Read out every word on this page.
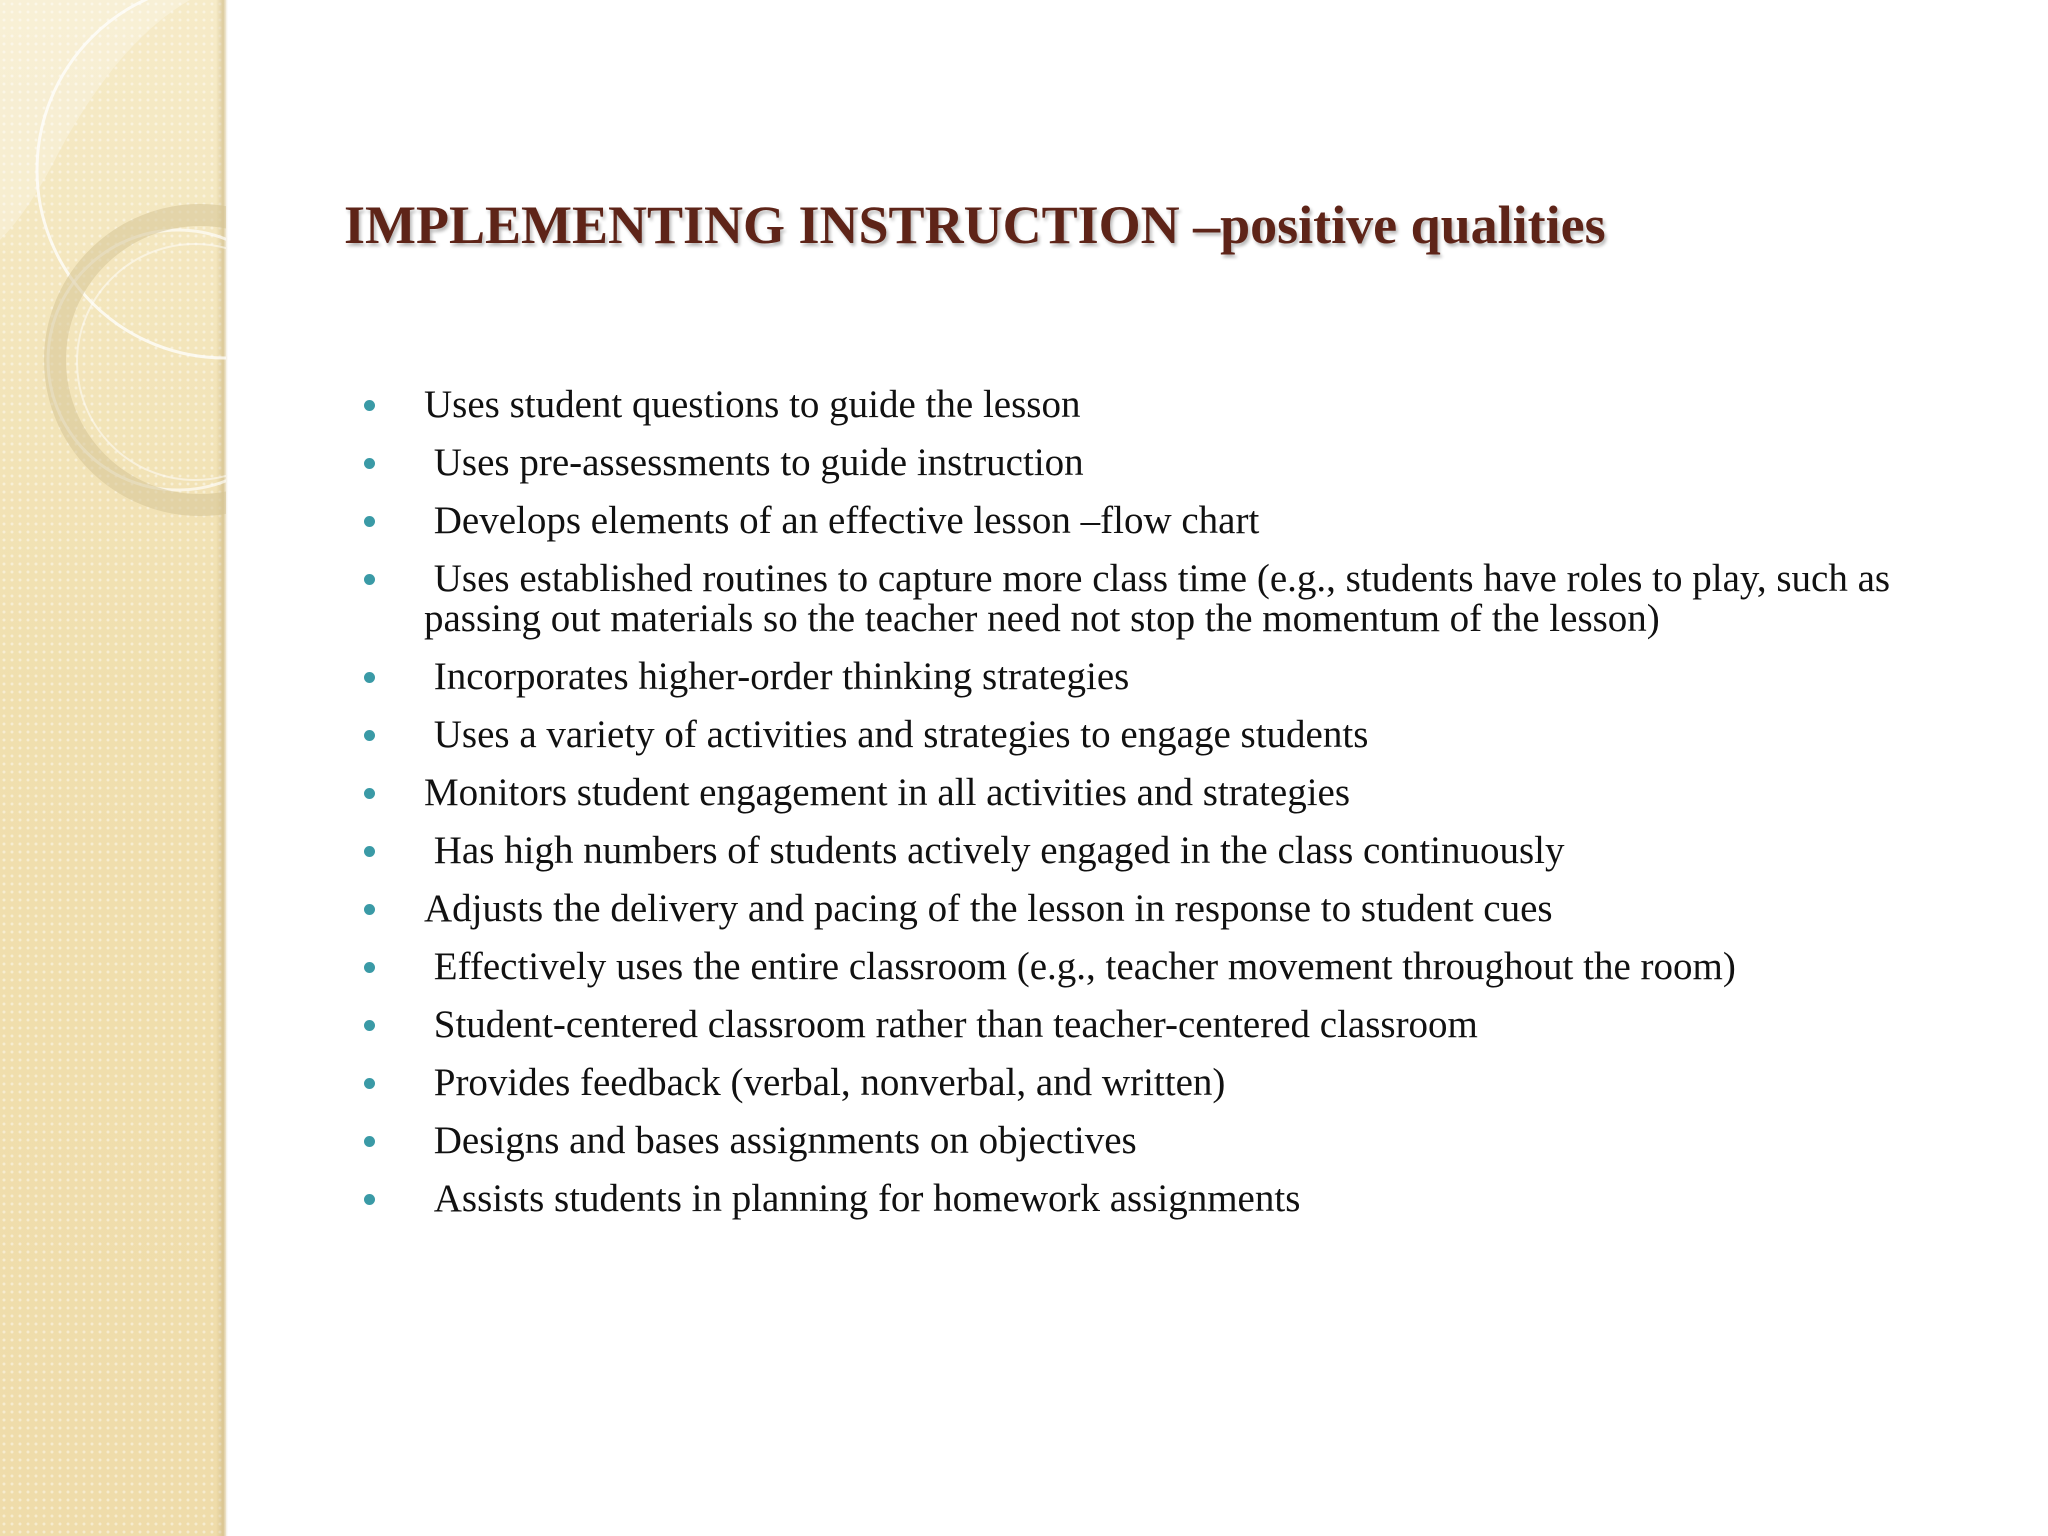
IMPLEMENTING INSTRUCTION –positive qualities
Uses student questions to guide the lesson
Uses pre-assessments to guide instruction
Develops elements of an effective lesson –flow chart
Uses established routines to capture more class time (e.g., students have roles to play, such as passing out materials so the teacher need not stop the momentum of the lesson)
Incorporates higher-order thinking strategies
Uses a variety of activities and strategies to engage students
Monitors student engagement in all activities and strategies
Has high numbers of students actively engaged in the class continuously
Adjusts the delivery and pacing of the lesson in response to student cues
Effectively uses the entire classroom (e.g., teacher movement throughout the room)
Student-centered classroom rather than teacher-centered classroom
Provides feedback (verbal, nonverbal, and written)
Designs and bases assignments on objectives
Assists students in planning for homework assignments
